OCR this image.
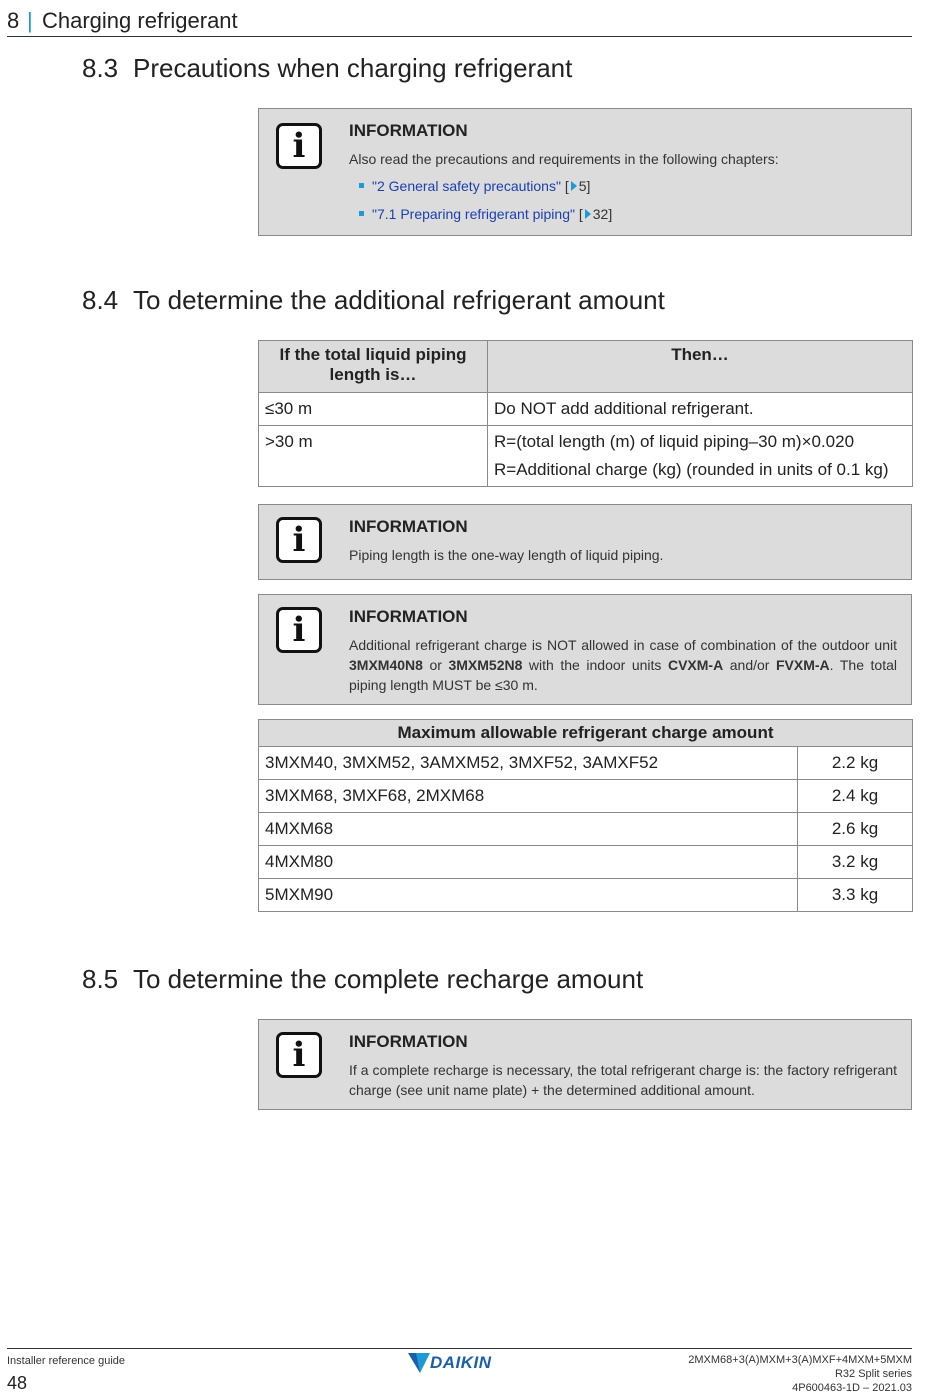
8 | Charging refrigerant
8.3 Precautions when charging refrigerant
i	INFORMATION
Also read the precautions and requirements in the following chapters:
"2 General safety precautions" [ 5]
"7.1 Preparing refrigerant piping" [ 32]
8.4 To determine the additional refrigerant amount
If the total liquid piping length is…	Then…
≤30 m	Do NOT add additional refrigerant.

>30 m	R=(total length (m) of liquid piping–30 m)×0.020

R=Additional charge (kg) (rounded in units of 0.1 kg)

i	INFORMATION
Piping length is the one-way length of liquid piping.
i	INFORMATION
Additional refrigerant charge is NOT allowed in case of combination of the outdoor unit 3MXM40N8 or 3MXM52N8 with the indoor units CVXM-A and/or FVXM-A. The total piping length MUST be ≤30 m.
Maximum allowable refrigerant charge amount	
3MXM40, 3MXM52, 3AMXM52, 3MXF52, 3AMXF52	2.2 kg
3MXM68, 3MXF68, 2MXM68	2.4 kg
4MXM68	2.6 kg
4MXM80	3.2 kg
5MXM90	3.3 kg
8.5 To determine the complete recharge amount
i	INFORMATION
If a complete recharge is necessary, the total refrigerant charge is: the factory refrigerant charge (see unit name plate) + the determined additional amount.
Installer reference guide
48
DAIKIN	2MXM68+3(A)MXM+3(A)MXF+4MXM+5MXM
R32 Split series
4P600463-1D – 2021.03
